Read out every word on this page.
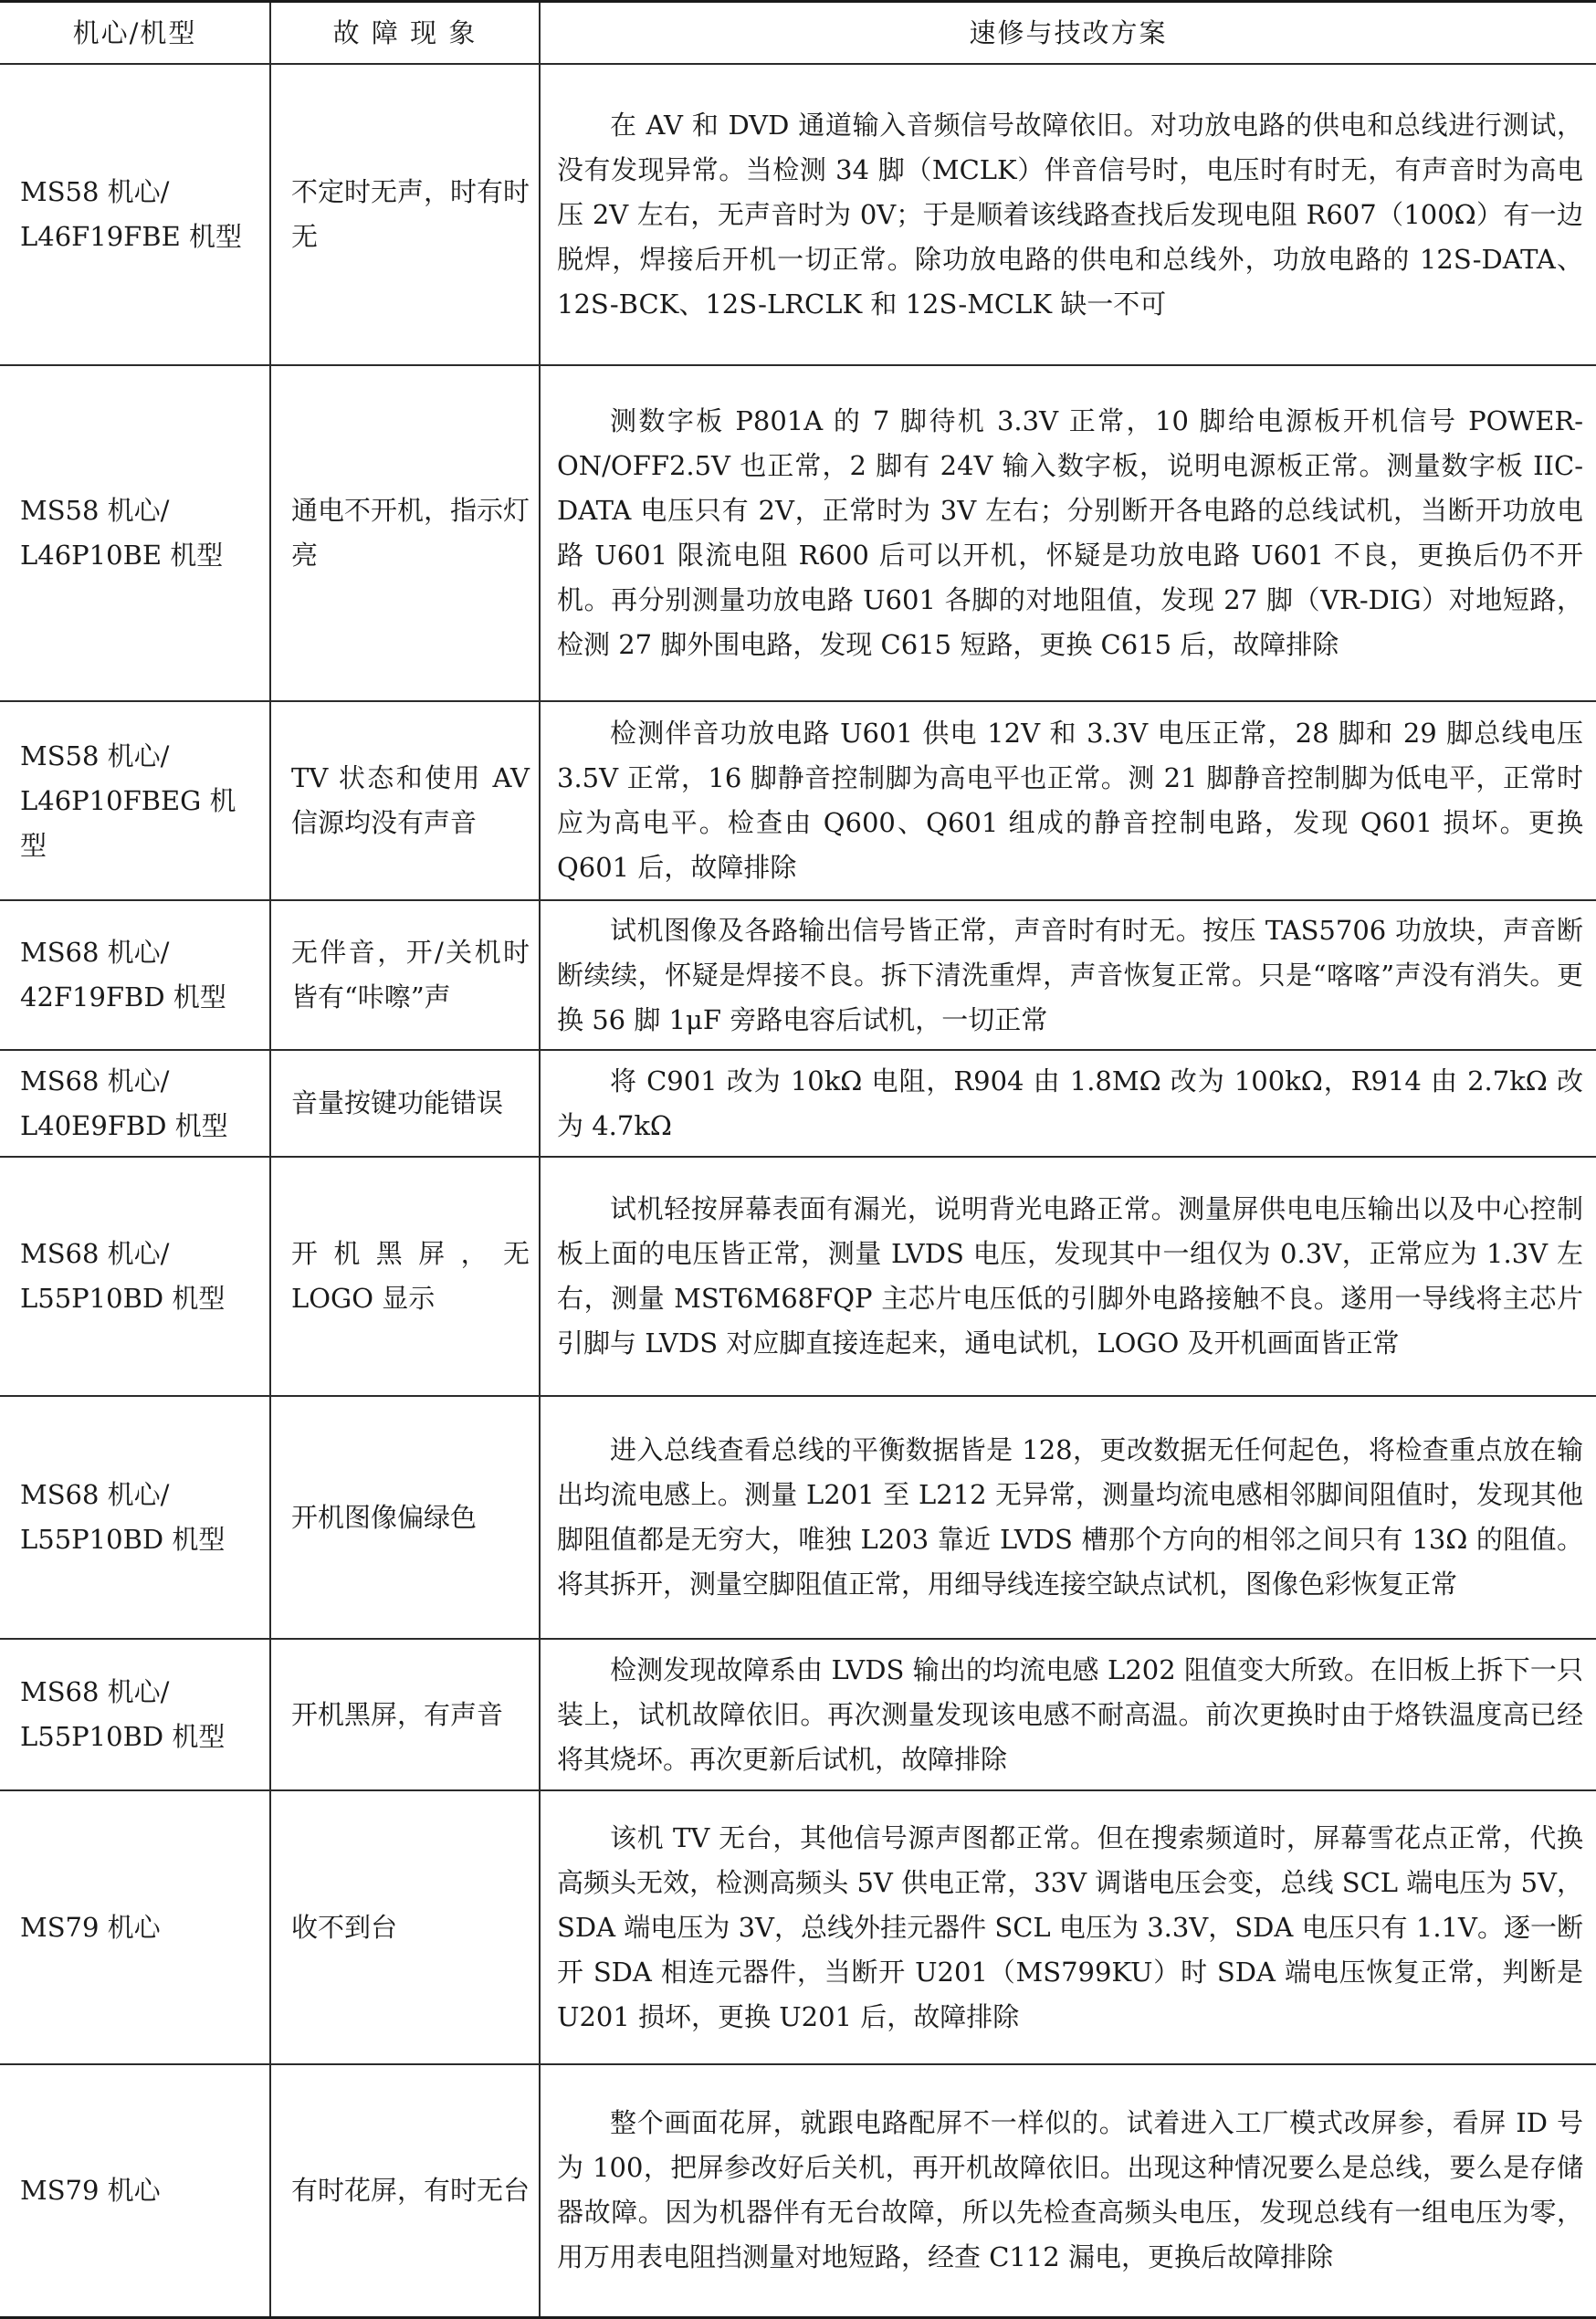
机心/机型	故 障 现 象	速修与技改方案

MS58 机心/
L46F19FBE 机型	不定时无声，时有时无	在 AV 和 DVD 通道输入音频信号故障依旧。对功放电路的供电和总线进行测试，没有发现异常。当检测 34 脚（MCLK）伴音信号时，电压时有时无，有声音时为高电压 2V 左右，无声音时为 0V；于是顺着该线路查找后发现电阻 R607（100Ω）有一边脱焊，焊接后开机一切正常。除功放电路的供电和总线外，功放电路的 12S-DATA、12S-BCK、12S-LRCLK 和 12S-MCLK 缺一不可

MS58 机心/
L46P10BE 机型	通电不开机，指示灯亮	测数字板 P801A 的 7 脚待机 3.3V 正常，10 脚给电源板开机信号 POWER-ON/OFF2.5V 也正常，2 脚有 24V 输入数字板，说明电源板正常。测量数字板 IIC-DATA 电压只有 2V，正常时为 3V 左右；分别断开各电路的总线试机，当断开功放电路 U601 限流电阻 R600 后可以开机，怀疑是功放电路 U601 不良，更换后仍不开机。再分别测量功放电路 U601 各脚的对地阻值，发现 27 脚（VR-DIG）对地短路，检测 27 脚外围电路，发现 C615 短路，更换 C615 后，故障排除

MS58 机心/
L46P10FBEG 机型	TV 状态和使用 AV 信源均没有声音	检测伴音功放电路 U601 供电 12V 和 3.3V 电压正常，28 脚和 29 脚总线电压 3.5V 正常，16 脚静音控制脚为高电平也正常。测 21 脚静音控制脚为低电平，正常时应为高电平。检查由 Q600、Q601 组成的静音控制电路，发现 Q601 损坏。更换 Q601 后，故障排除

MS68 机心/
42F19FBD 机型	无伴音，开/关机时皆有“咔嚓”声	试机图像及各路输出信号皆正常，声音时有时无。按压 TAS5706 功放块，声音断断续续，怀疑是焊接不良。拆下清洗重焊，声音恢复正常。只是“喀喀”声没有消失。更换 56 脚 1μF 旁路电容后试机，一切正常

MS68 机心/
L40E9FBD 机型	音量按键功能错误	将 C901 改为 10kΩ 电阻，R904 由 1.8MΩ 改为 100kΩ，R914 由 2.7kΩ 改为 4.7kΩ

MS68 机心/
L55P10BD 机型	开机黑屏，无 LOGO 显示	试机轻按屏幕表面有漏光，说明背光电路正常。测量屏供电电压输出以及中心控制板上面的电压皆正常，测量 LVDS 电压，发现其中一组仅为 0.3V，正常应为 1.3V 左右，测量 MST6M68FQP 主芯片电压低的引脚外电路接触不良。遂用一导线将主芯片引脚与 LVDS 对应脚直接连起来，通电试机，LOGO 及开机画面皆正常

MS68 机心/
L55P10BD 机型	开机图像偏绿色	进入总线查看总线的平衡数据皆是 128，更改数据无任何起色，将检查重点放在输出均流电感上。测量 L201 至 L212 无异常，测量均流电感相邻脚间阻值时，发现其他脚阻值都是无穷大，唯独 L203 靠近 LVDS 槽那个方向的相邻之间只有 13Ω 的阻值。将其拆开，测量空脚阻值正常，用细导线连接空缺点试机，图像色彩恢复正常

MS68 机心/
L55P10BD 机型	开机黑屏，有声音	检测发现故障系由 LVDS 输出的均流电感 L202 阻值变大所致。在旧板上拆下一只装上，试机故障依旧。再次测量发现该电感不耐高温。前次更换时由于烙铁温度高已经将其烧坏。再次更新后试机，故障排除

MS79 机心	收不到台	该机 TV 无台，其他信号源声图都正常。但在搜索频道时，屏幕雪花点正常，代换高频头无效，检测高频头 5V 供电正常，33V 调谐电压会变，总线 SCL 端电压为 5V，SDA 端电压为 3V，总线外挂元器件 SCL 电压为 3.3V，SDA 电压只有 1.1V。逐一断开 SDA 相连元器件，当断开 U201（MS799KU）时 SDA 端电压恢复正常，判断是 U201 损坏，更换 U201 后，故障排除

MS79 机心	有时花屏，有时无台	整个画面花屏，就跟电路配屏不一样似的。试着进入工厂模式改屏参，看屏 ID 号为 100，把屏参改好后关机，再开机故障依旧。出现这种情况要么是总线，要么是存储器故障。因为机器伴有无台故障，所以先检查高频头电压，发现总线有一组电压为零，用万用表电阻挡测量对地短路，经查 C112 漏电，更换后故障排除
